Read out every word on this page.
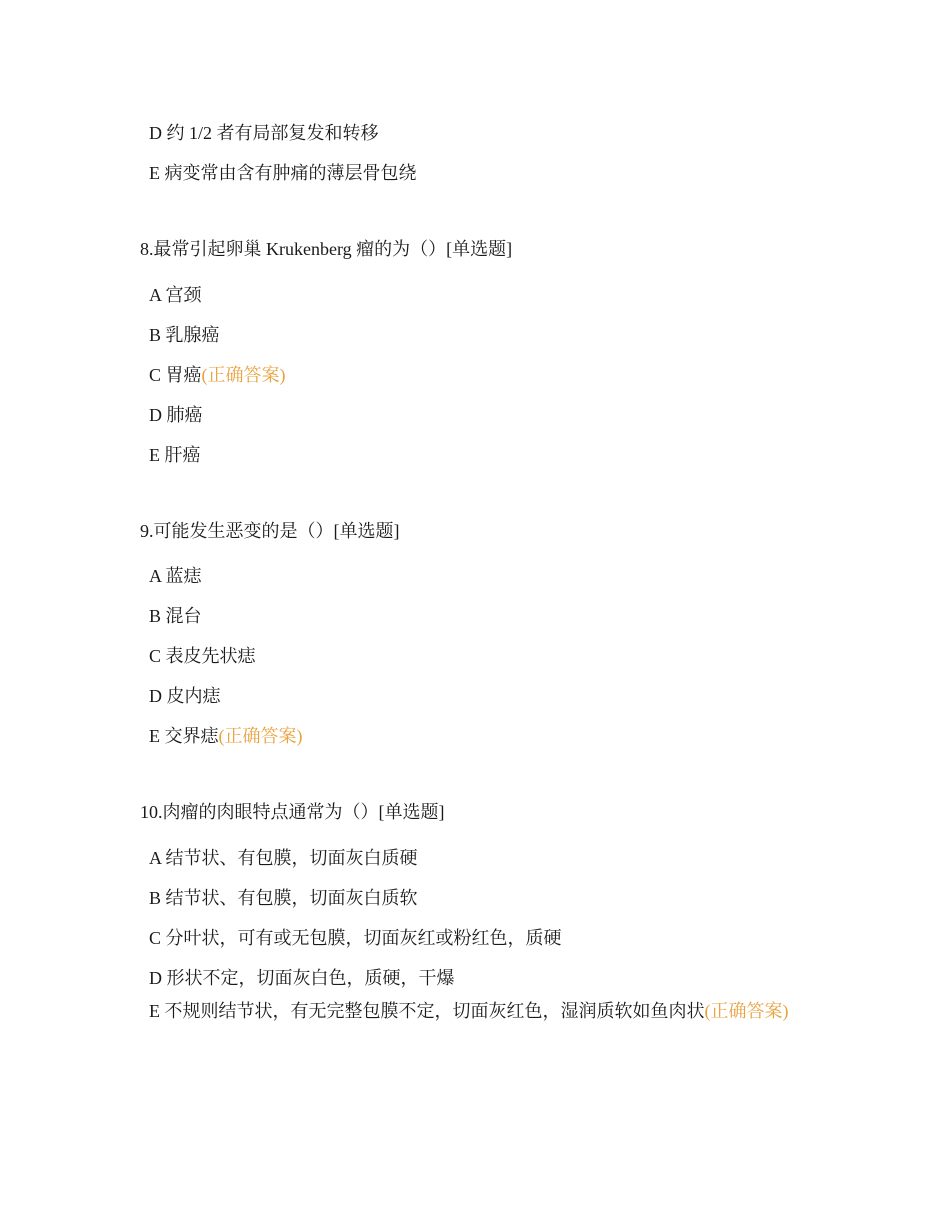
D 约 1/2 者有局部复发和转移

E 病变常由含有肿痛的薄层骨包绕

8.最常引起卵巢 Krukenberg 瘤的为（）[单选题]

A 宫颈

B 乳腺癌

C 胃癌(正确答案)

D 肺癌

E 肝癌

9.可能发生恶变的是（）[单选题]

A 蓝痣

B 混台

C 表皮先状痣

D 皮内痣

E 交界痣(正确答案)

10.肉瘤的肉眼特点通常为（）[单选题]

A 结节状、有包膜，切面灰白质硬

B 结节状、有包膜，切面灰白质软

C 分叶状，可有或无包膜，切面灰红或粉红色，质硬

D 形状不定，切面灰白色，质硬，干爆

E 不规则结节状，有无完整包膜不定，切面灰红色，湿润质软如鱼肉状(正确答案)
